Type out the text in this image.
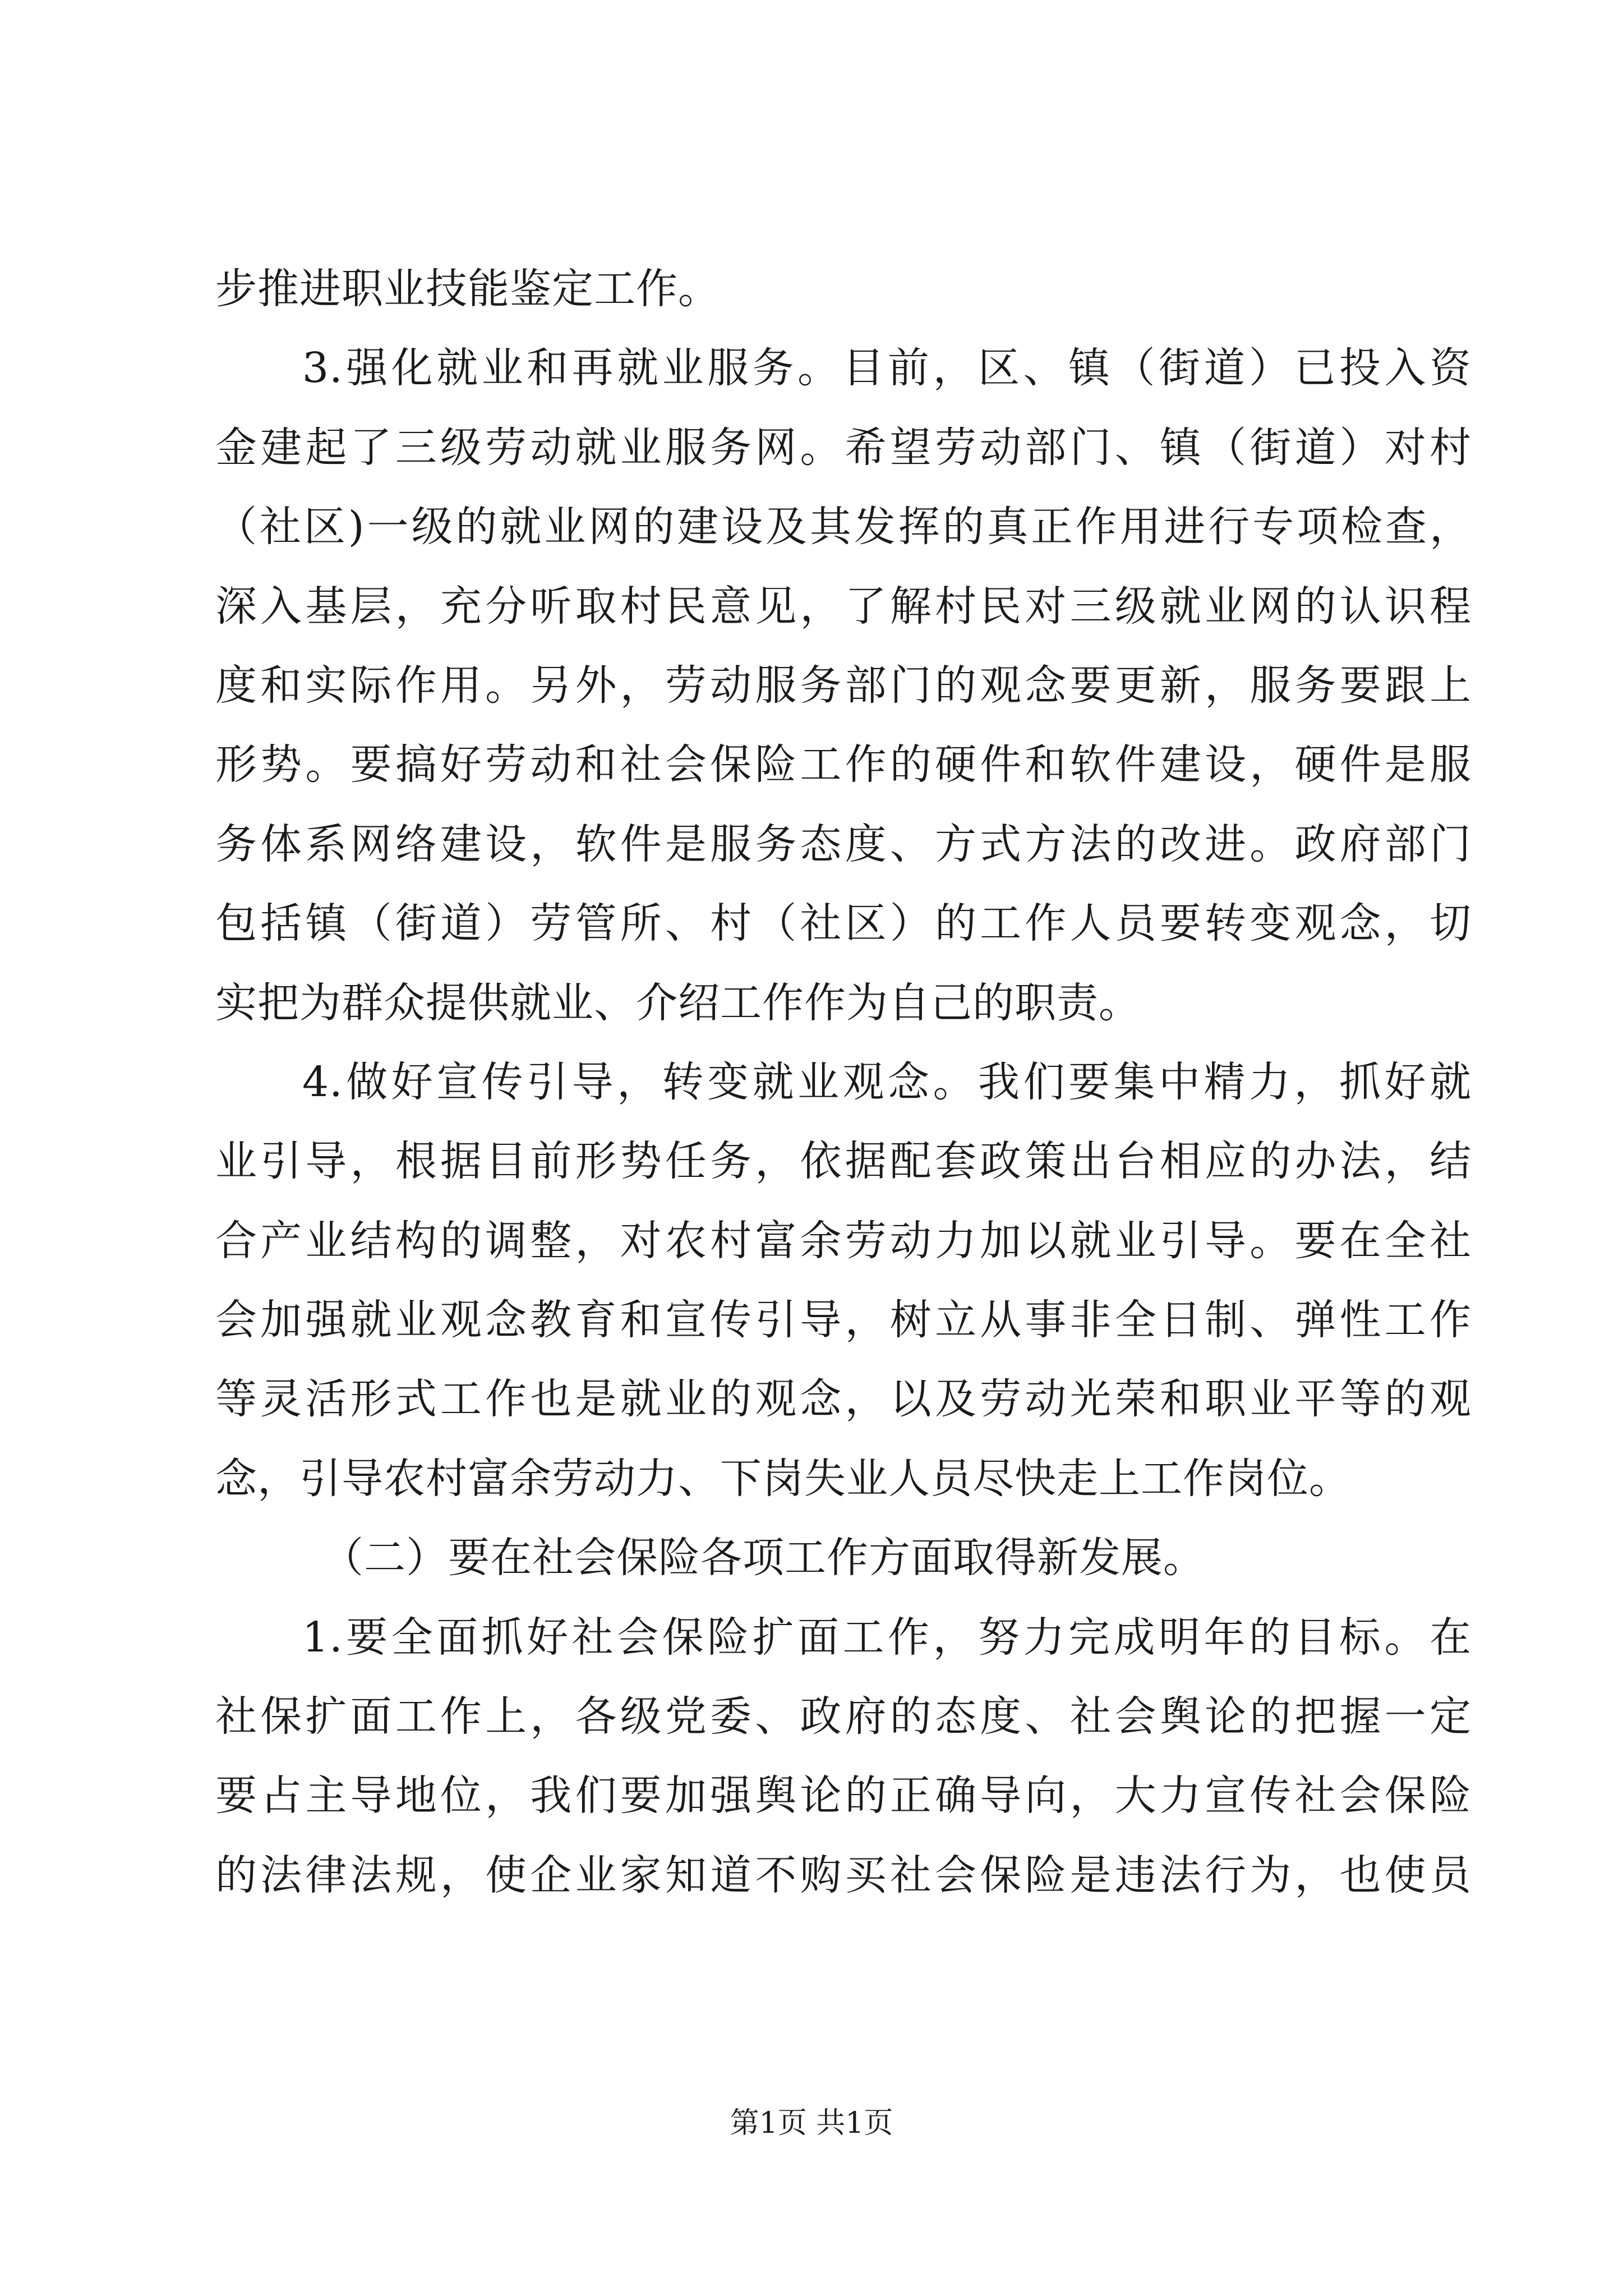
步推进职业技能鉴定工作。
3.强化就业和再就业服务。目前，区、镇（街道）已投入资
金建起了三级劳动就业服务网。希望劳动部门、镇（街道）对村
（社区)一级的就业网的建设及其发挥的真正作用进行专项检查，
深入基层，充分听取村民意见，了解村民对三级就业网的认识程
度和实际作用。另外，劳动服务部门的观念要更新，服务要跟上
形势。要搞好劳动和社会保险工作的硬件和软件建设，硬件是服
务体系网络建设，软件是服务态度、方式方法的改进。政府部门
包括镇（街道）劳管所、村（社区）的工作人员要转变观念，切
实把为群众提供就业、介绍工作作为自己的职责。
4.做好宣传引导，转变就业观念。我们要集中精力，抓好就
业引导，根据目前形势任务，依据配套政策出台相应的办法，结
合产业结构的调整，对农村富余劳动力加以就业引导。要在全社
会加强就业观念教育和宣传引导，树立从事非全日制、弹性工作
等灵活形式工作也是就业的观念，以及劳动光荣和职业平等的观
念，引导农村富余劳动力、下岗失业人员尽快走上工作岗位。
（二）要在社会保险各项工作方面取得新发展。
1.要全面抓好社会保险扩面工作，努力完成明年的目标。在
社保扩面工作上，各级党委、政府的态度、社会舆论的把握一定
要占主导地位，我们要加强舆论的正确导向，大力宣传社会保险
的法律法规，使企业家知道不购买社会保险是违法行为，也使员
第1页 共1页
